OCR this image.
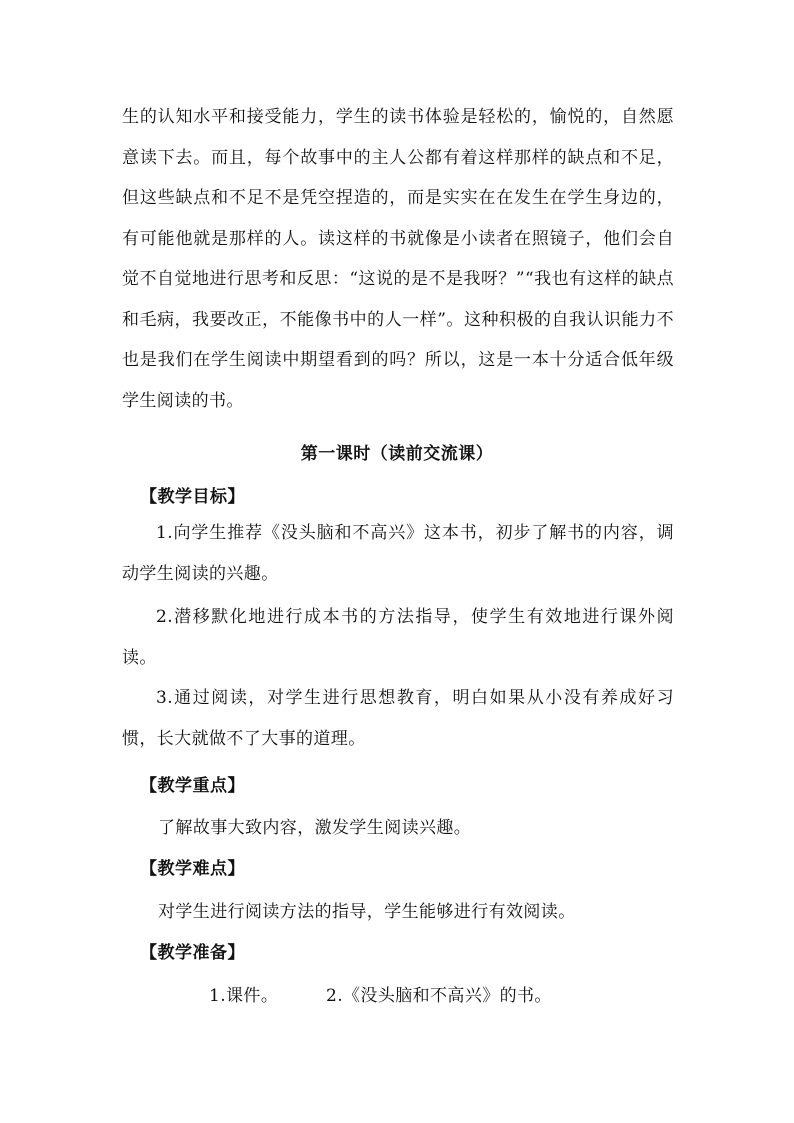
生的认知水平和接受能力，学生的读书体验是轻松的，愉悦的，自然愿意读下去。而且，每个故事中的主人公都有着这样那样的缺点和不足，但这些缺点和不足不是凭空捏造的，而是实实在在发生在学生身边的，有可能他就是那样的人。读这样的书就像是小读者在照镜子，他们会自觉不自觉地进行思考和反思：“这说的是不是我呀？”“我也有这样的缺点和毛病，我要改正，不能像书中的人一样”。这种积极的自我认识能力不也是我们在学生阅读中期望看到的吗？所以，这是一本十分适合低年级学生阅读的书。
第一课时（读前交流课）
【教学目标】
1.向学生推荐《没头脑和不高兴》这本书，初步了解书的内容，调动学生阅读的兴趣。
2.潜移默化地进行成本书的方法指导，使学生有效地进行课外阅读。
3.通过阅读，对学生进行思想教育，明白如果从小没有养成好习惯，长大就做不了大事的道理。
【教学重点】
了解故事大致内容，激发学生阅读兴趣。
【教学难点】
对学生进行阅读方法的指导，学生能够进行有效阅读。
【教学准备】
1.课件。	2.《没头脑和不高兴》的书。
